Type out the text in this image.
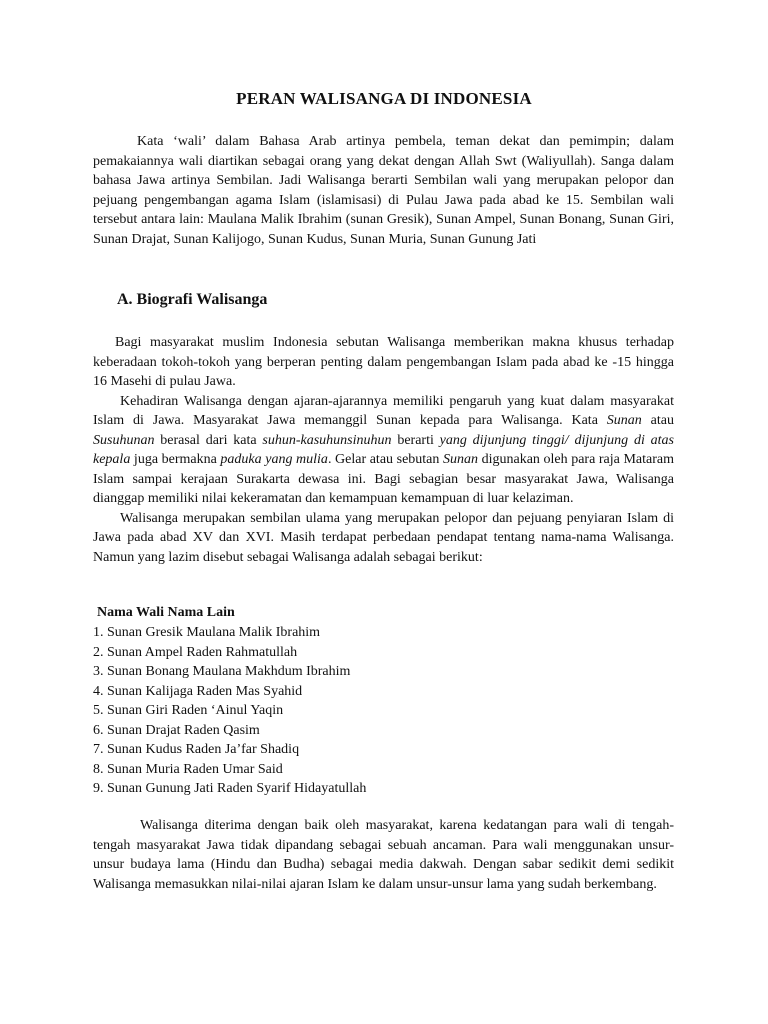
PERAN WALISANGA DI INDONESIA

Kata ‘wali’ dalam Bahasa Arab artinya pembela, teman dekat dan pemimpin; dalam pemakaiannya wali diartikan sebagai orang yang dekat dengan Allah Swt (Waliyullah). Sanga dalam bahasa Jawa artinya Sembilan. Jadi Walisanga berarti Sembilan wali yang merupakan pelopor dan pejuang pengembangan agama Islam (islamisasi) di Pulau Jawa pada abad ke 15. Sembilan wali tersebut antara lain: Maulana Malik Ibrahim (sunan Gresik), Sunan Ampel, Sunan Bonang, Sunan Giri, Sunan Drajat, Sunan Kalijogo, Sunan Kudus, Sunan Muria, Sunan Gunung Jati

A. Biografi Walisanga

Bagi masyarakat muslim Indonesia sebutan Walisanga memberikan makna khusus terhadap keberadaan tokoh-tokoh yang berperan penting dalam pengembangan Islam pada abad ke -15 hingga 16 Masehi di pulau Jawa.

Kehadiran Walisanga dengan ajaran-ajarannya memiliki pengaruh yang kuat dalam masyarakat Islam di Jawa. Masyarakat Jawa memanggil Sunan kepada para Walisanga. Kata Sunan atau Susuhunan berasal dari kata suhun-kasuhunsinuhun berarti yang dijunjung tinggi/ dijunjung di atas kepala juga bermakna paduka yang mulia. Gelar atau sebutan Sunan digunakan oleh para raja Mataram Islam sampai kerajaan Surakarta dewasa ini. Bagi sebagian besar masyarakat Jawa, Walisanga dianggap memiliki nilai kekeramatan dan kemampuan kemampuan di luar kelaziman.

Walisanga merupakan sembilan ulama yang merupakan pelopor dan pejuang penyiaran Islam di Jawa pada abad XV dan XVI. Masih terdapat perbedaan pendapat tentang nama-nama Walisanga. Namun yang lazim disebut sebagai Walisanga adalah sebagai berikut:

Nama Wali Nama Lain
1. Sunan Gresik Maulana Malik Ibrahim
2. Sunan Ampel Raden Rahmatullah
3. Sunan Bonang Maulana Makhdum Ibrahim
4. Sunan Kalijaga Raden Mas Syahid
5. Sunan Giri Raden ‘Ainul Yaqin
6. Sunan Drajat Raden Qasim
7. Sunan Kudus Raden Ja’far Shadiq
8. Sunan Muria Raden Umar Said
9. Sunan Gunung Jati Raden Syarif Hidayatullah

Walisanga diterima dengan baik oleh masyarakat, karena kedatangan para wali di tengah-tengah masyarakat Jawa tidak dipandang sebagai sebuah ancaman. Para wali menggunakan unsur-unsur budaya lama (Hindu dan Budha) sebagai media dakwah. Dengan sabar sedikit demi sedikit Walisanga memasukkan nilai-nilai ajaran Islam ke dalam unsur-unsur lama yang sudah berkembang.
